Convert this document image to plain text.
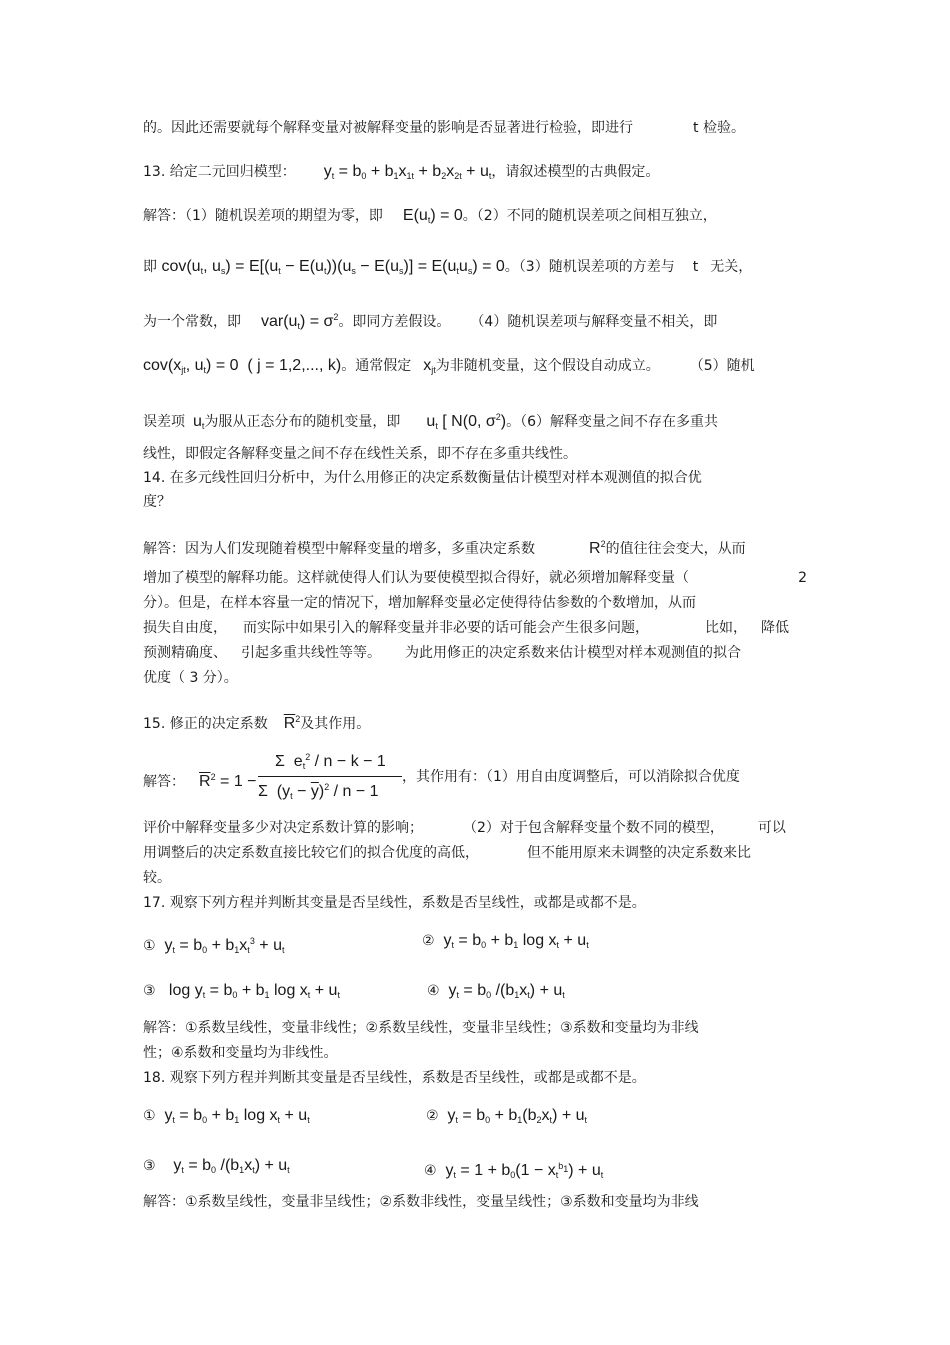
的。因此还需要就每个解释变量对被解释变量的影响是否显著进行检验，即进行	t 检验。
13. 给定二元回归模型： $y_t = b_0 + b_1x_{1t} + b_2x_{2t} + u_t$，请叙述模型的古典假定。
解答：（1）随机误差项的期望为零，即 $E(u_t) = 0$。（2）不同的随机误差项之间相互独立，
即 $cov(u_t$, $u_s) = E[(u_t - E(u_t))(u_s - E(u_s)] = E(u_tu_s) = 0$。（3）随机误差项的方差与 t 无关，
为一个常数，即 $var(u_t) = \sigma^2$。即同方差假设。 （4）随机误差项与解释变量不相关，即
$cov(x_{jt}$, $u_t) = 0$  ( j = 1,2,..., k)。通常假定 $x_{jt}$为非随机变量，这个假设自动成立。 （5）随机
误差项 $u_t$为服从正态分布的随机变量，即 $u_t$ [ N(0, $\sigma^2$)。（6）解释变量之间不存在多重共
线性，即假定各解释变量之间不存在线性关系，即不存在多重共线性。
14. 在多元线性回归分析中，为什么用修正的决定系数衡量估计模型对样本观测值的拟合优
度？
解答：因为人们发现随着模型中解释变量的增多，多重决定系数	$R^2$的值往往会变大，从而
增加了模型的解释功能。这样就使得人们认为要使模型拟合得好，就必须增加解释变量（	2
分）。但是，在样本容量一定的情况下，增加解释变量必定使得待估参数的个数增加，从而
损失自由度， 而实际中如果引入的解释变量并非必要的话可能会产生很多问题，	比如， 降低
预测精确度、 引起多重共线性等等。 为此用修正的决定系数来估计模型对样本观测值的拟合
优度（ 3 分）。
15. 修正的决定系数 $\overline{R}^2$及其作用。
解答： $\overline{R}^2 = 1$ −
Σ  $e_t^2 / n - k - 1$
Σ  $(y_t - \overline{y})^2 / n - 1$
，其作用有：（1）用自由度调整后，可以消除拟合优度
评价中解释变量多少对决定系数计算的影响；	（2）对于包含解释变量个数不同的模型， 可以
用调整后的决定系数直接比较它们的拟合优度的高低，	但不能用原来未调整的决定系数来比
较。
17. 观察下列方程并判断其变量是否呈线性，系数是否呈线性，或都是或都不是。
① $y_t = b_0 + b_1x_t^3 + u_t$
② $y_t = b_0 + b_1$ $\log x_t + u_t$
③ $\log y_t = b_0 + b_1$ $\log x_t + u_t$	④ $y_t = b_0$ $/(b_1x_t) + u_t$
解答：①系数呈线性，变量非线性；②系数呈线性，变量非呈线性；③系数和变量均为非线
性；④系数和变量均为非线性。
18. 观察下列方程并判断其变量是否呈线性，系数是否呈线性，或都是或都不是。
① $y_t = b_0 + b_1$ $\log x_t + u_t$	② $y_t = b_0 + b_1(b_2x_t) + u_t$
③ $y_t = b_0$ $/(b_1x_t) + u_t$	④ $y_t = 1 + b_0(1 - x_t^{b_1}) + u_t$
解答：①系数呈线性，变量非呈线性；②系数非线性，变量呈线性；③系数和变量均为非线
